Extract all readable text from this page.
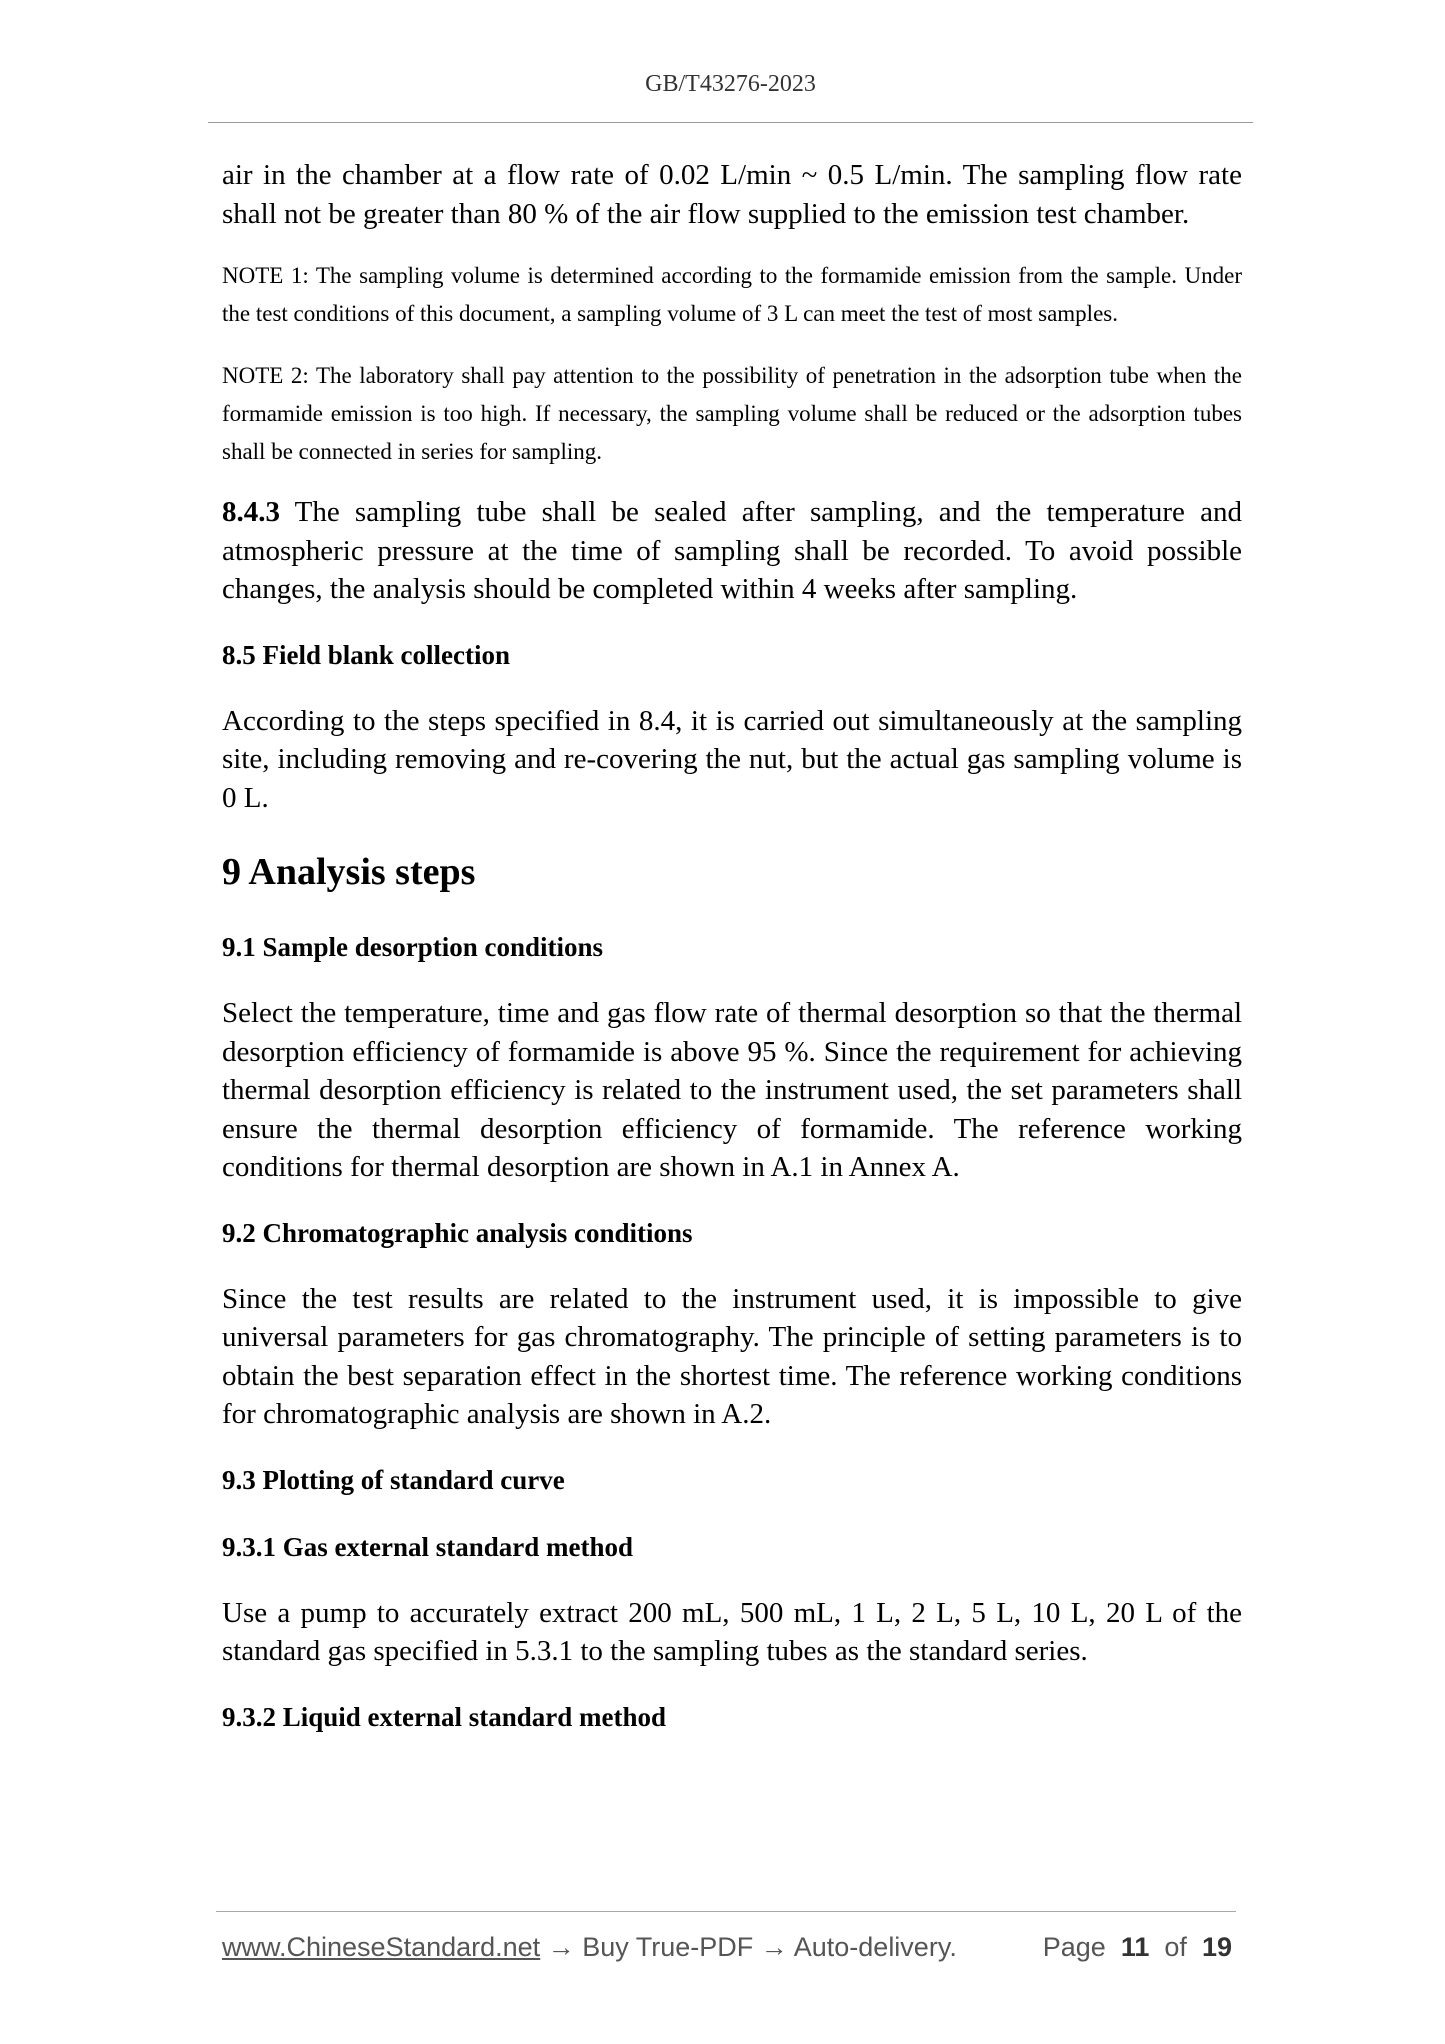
GB/T43276-2023

air in the chamber at a flow rate of 0.02 L/min ~ 0.5 L/min. The sampling flow rate shall not be greater than 80 % of the air flow supplied to the emission test chamber.

NOTE 1: The sampling volume is determined according to the formamide emission from the sample. Under the test conditions of this document, a sampling volume of 3 L can meet the test of most samples.

NOTE 2: The laboratory shall pay attention to the possibility of penetration in the adsorption tube when the formamide emission is too high. If necessary, the sampling volume shall be reduced or the adsorption tubes shall be connected in series for sampling.

8.4.3 The sampling tube shall be sealed after sampling, and the temperature and atmospheric pressure at the time of sampling shall be recorded. To avoid possible changes, the analysis should be completed within 4 weeks after sampling.

8.5 Field blank collection

According to the steps specified in 8.4, it is carried out simultaneously at the sampling site, including removing and re-covering the nut, but the actual gas sampling volume is 0 L.

9 Analysis steps
9.1 Sample desorption conditions

Select the temperature, time and gas flow rate of thermal desorption so that the thermal desorption efficiency of formamide is above 95 %. Since the requirement for achieving thermal desorption efficiency is related to the instrument used, the set parameters shall ensure the thermal desorption efficiency of formamide. The reference working conditions for thermal desorption are shown in A.1 in Annex A.

9.2 Chromatographic analysis conditions

Since the test results are related to the instrument used, it is impossible to give universal parameters for gas chromatography. The principle of setting parameters is to obtain the best separation effect in the shortest time. The reference working conditions for chromatographic analysis are shown in A.2.

9.3 Plotting of standard curve
9.3.1 Gas external standard method

Use a pump to accurately extract 200 mL, 500 mL, 1 L, 2 L, 5 L, 10 L, 20 L of the standard gas specified in 5.3.1 to the sampling tubes as the standard series.

9.3.2 Liquid external standard method
www.ChineseStandard.net → Buy True-PDF → Auto-delivery.	Page 11 of 19
